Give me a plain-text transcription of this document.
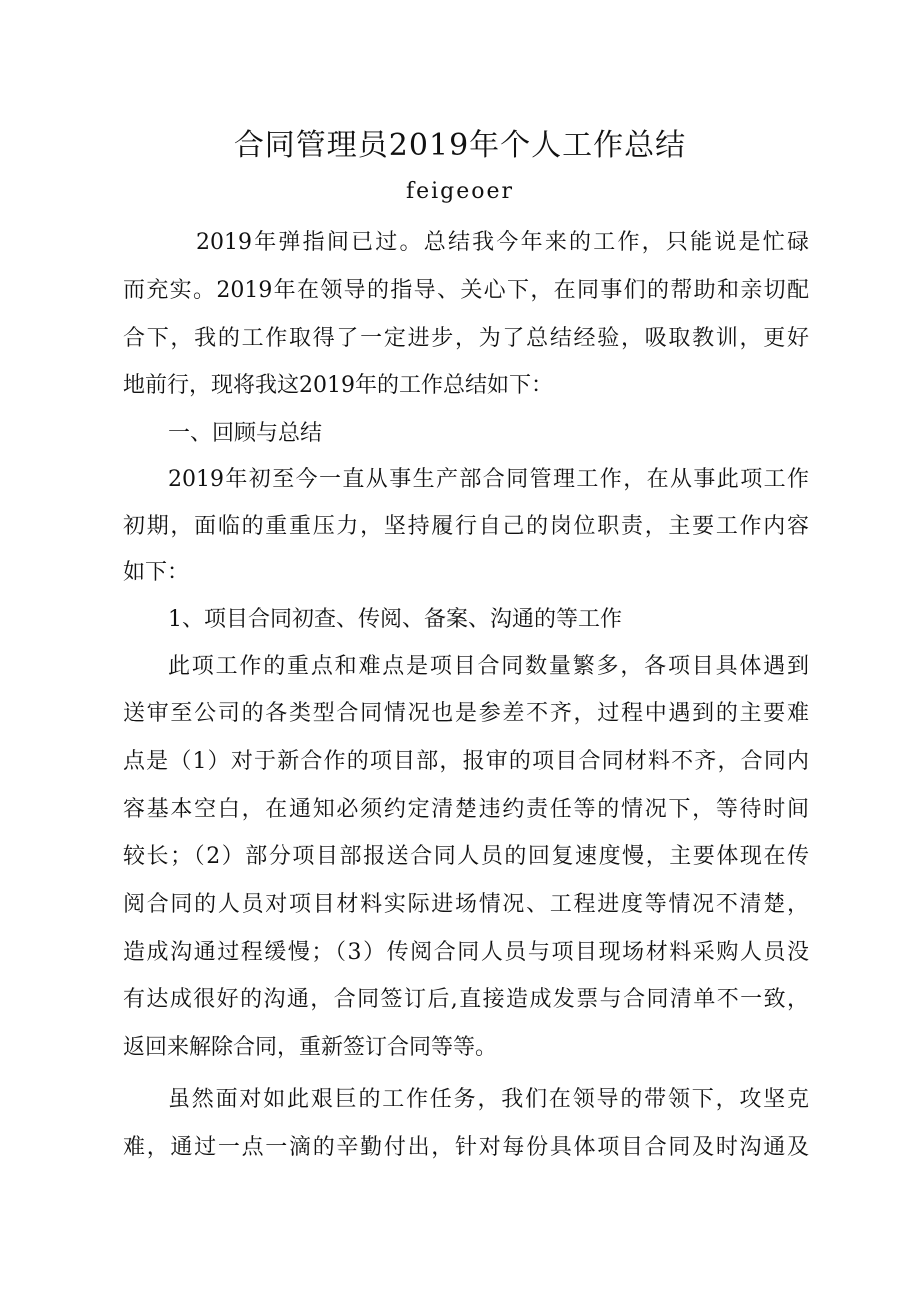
合同管理员2019年个人工作总结
feigeoer
2019年弹指间已过。总结我今年来的工作，只能说是忙碌
而充实。2019年在领导的指导、关心下，在同事们的帮助和亲切配
合下，我的工作取得了一定进步，为了总结经验，吸取教训，更好
地前行，现将我这2019年的工作总结如下：
一、回顾与总结
2019年初至今一直从事生产部合同管理工作，在从事此项工作
初期，面临的重重压力，坚持履行自己的岗位职责，主要工作内容
如下：
1、项目合同初查、传阅、备案、沟通的等工作
此项工作的重点和难点是项目合同数量繁多，各项目具体遇到
送审至公司的各类型合同情况也是参差不齐，过程中遇到的主要难
点是（1）对于新合作的项目部，报审的项目合同材料不齐，合同内
容基本空白，在通知必须约定清楚违约责任等的情况下，等待时间
较长；（2）部分项目部报送合同人员的回复速度慢，主要体现在传
阅合同的人员对项目材料实际进场情况、工程进度等情况不清楚，
造成沟通过程缓慢；（3）传阅合同人员与项目现场材料采购人员没
有达成很好的沟通，合同签订后,直接造成发票与合同清单不一致，
返回来解除合同，重新签订合同等等。
虽然面对如此艰巨的工作任务，我们在领导的带领下，攻坚克
难，通过一点一滴的辛勤付出，针对每份具体项目合同及时沟通及
